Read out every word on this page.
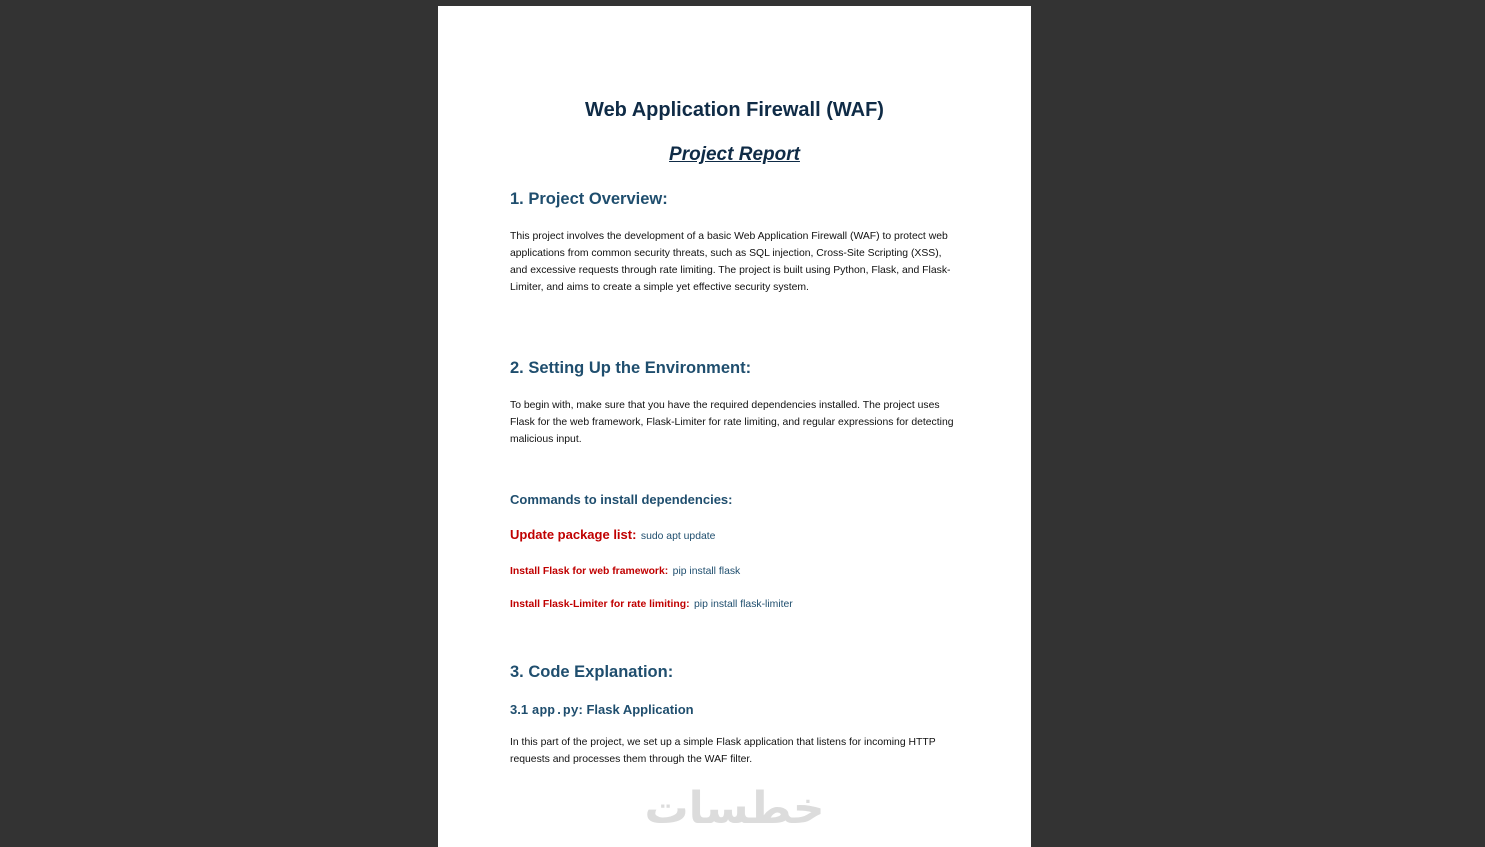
Web Application Firewall (WAF)
Project Report
1. Project Overview:
This project involves the development of a basic Web Application Firewall (WAF) to protect web applications from common security threats, such as SQL injection, Cross-Site Scripting (XSS), and excessive requests through rate limiting. The project is built using Python, Flask, and Flask-Limiter, and aims to create a simple yet effective security system.
2. Setting Up the Environment:
To begin with, make sure that you have the required dependencies installed. The project uses Flask for the web framework, Flask-Limiter for rate limiting, and regular expressions for detecting malicious input.
Commands to install dependencies:
Update package list: sudo apt update
Install Flask for web framework: pip install flask
Install Flask-Limiter for rate limiting: pip install flask-limiter
3. Code Explanation:
3.1 app.py: Flask Application
In this part of the project, we set up a simple Flask application that listens for incoming HTTP requests and processes them through the WAF filter.
خطسات
